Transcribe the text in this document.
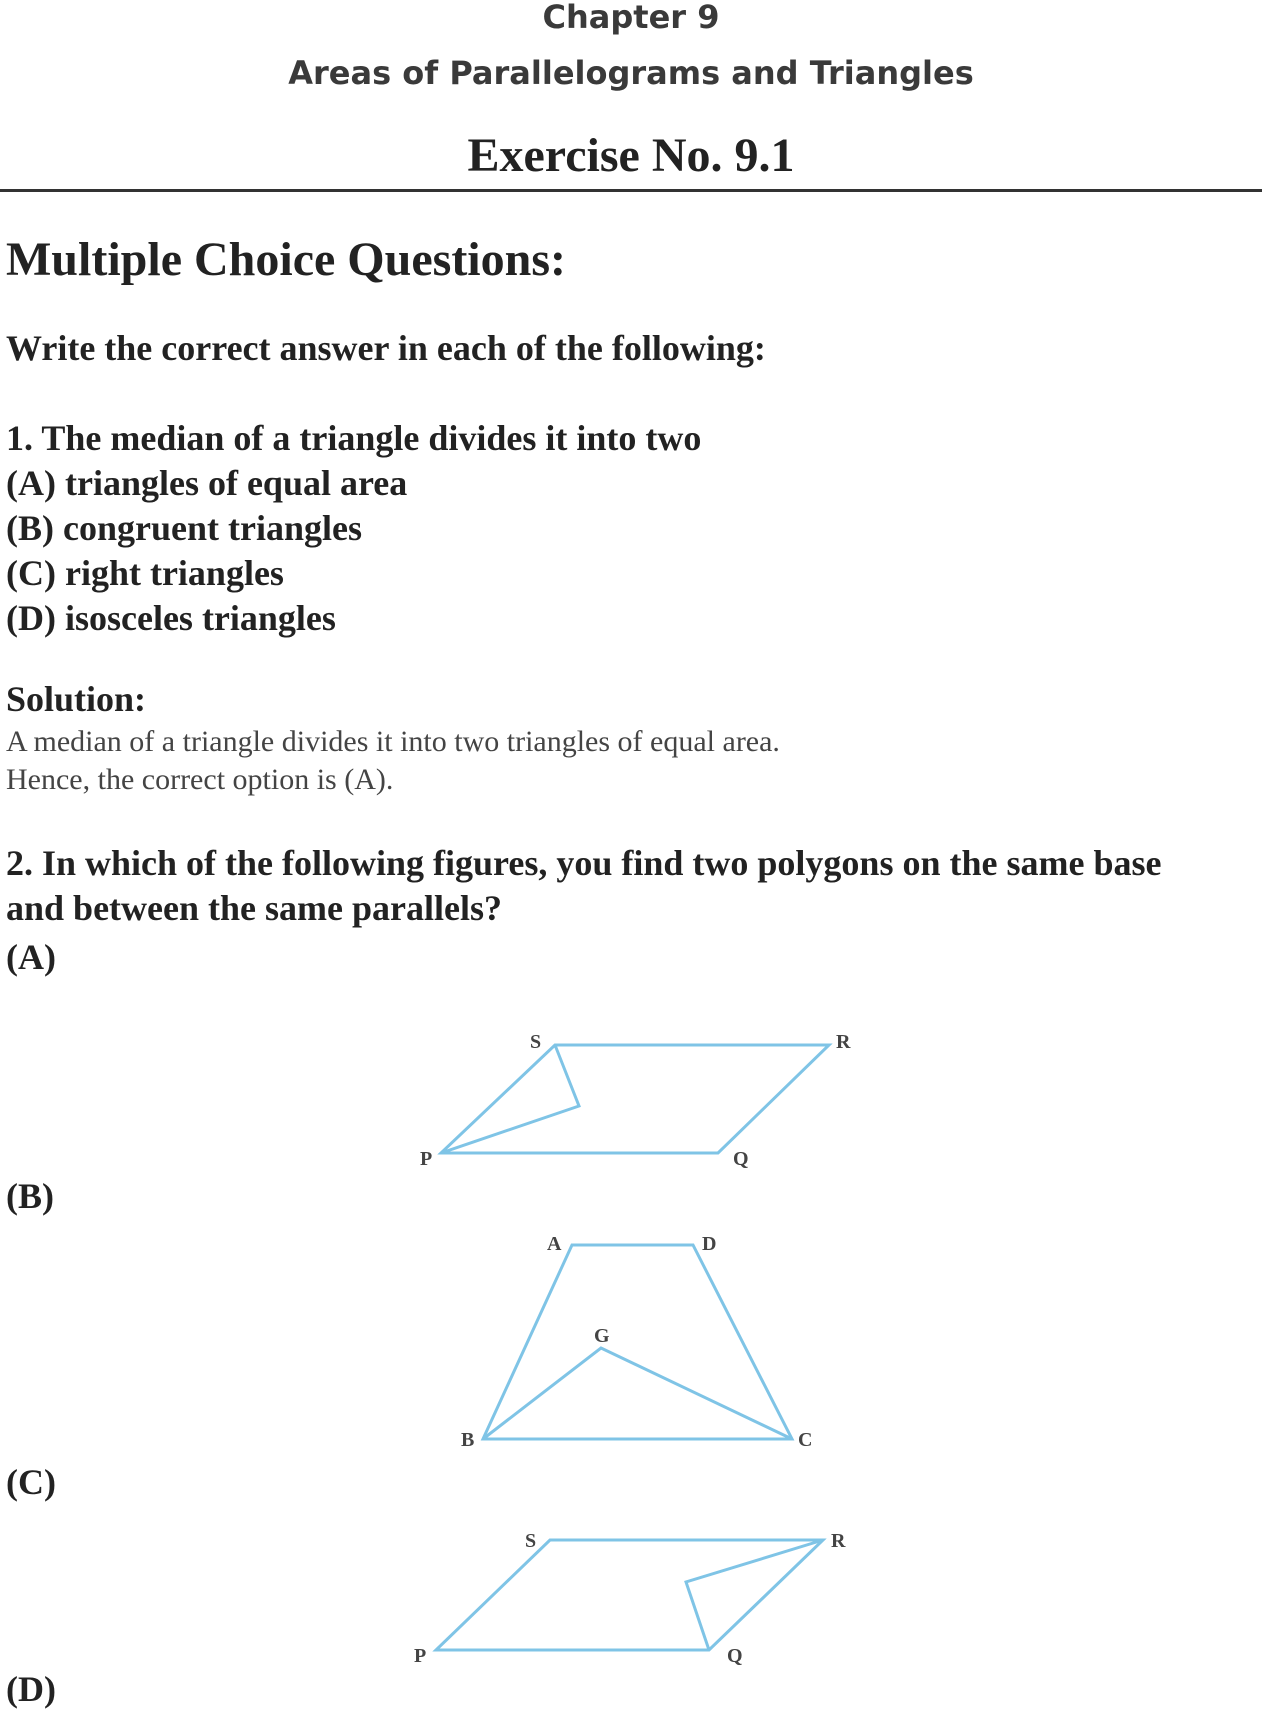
Chapter 9
Areas of Parallelograms and Triangles
Exercise No. 9.1
Multiple Choice Questions:
Write the correct answer in each of the following:

1. The median of a triangle divides it into two

(A) triangles of equal area

(B) congruent triangles

(C) right triangles

(D) isosceles triangles

Solution:

A median of a triangle divides it into two triangles of equal area.

Hence, the correct option is (A).

2. In which of the following figures, you find two polygons on the same base

and between the same parallels?

(A)
(B)
(C)
(D)
S	R
P	Q
A	D
G
B	C
S	R
P	Q
